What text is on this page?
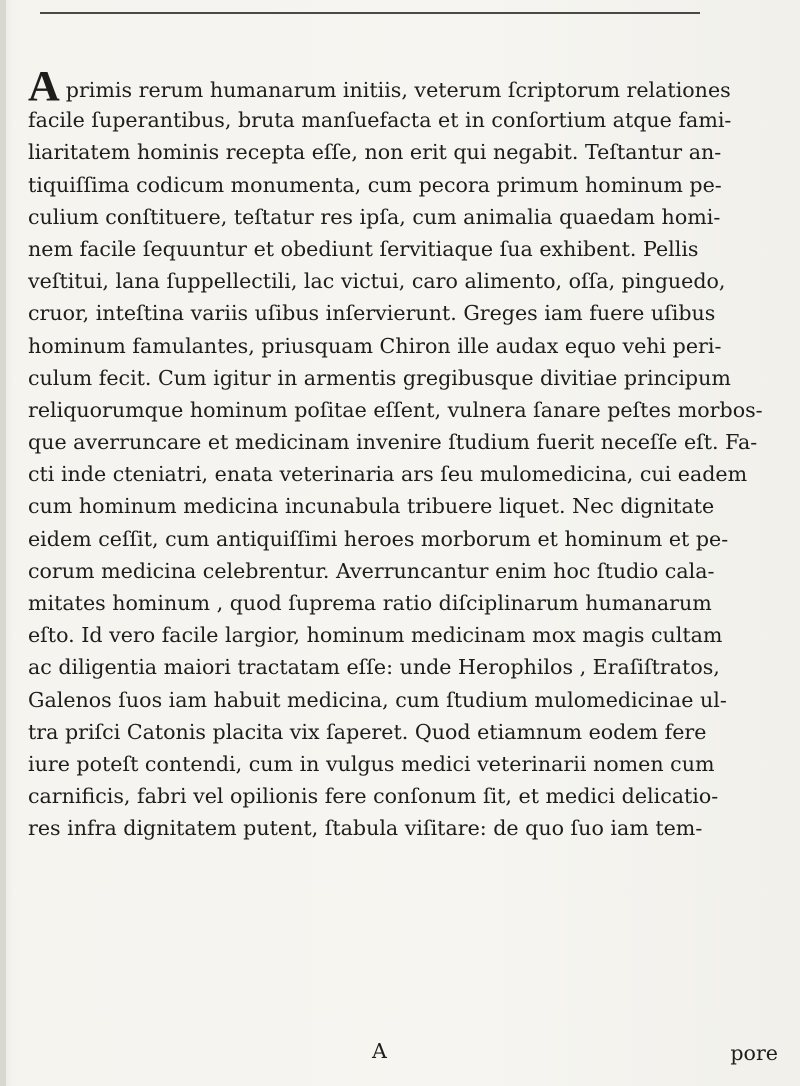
Aprimis rerum humanarum initiis, veterum ſcriptorum relationes
facile ſuperantibus, bruta manſuefacta et in conſortium atque fami-
liaritatem hominis recepta eſſe, non erit qui negabit. Teſtantur an-
tiquiſſima codicum monumenta, cum pecora primum hominum pe-
culium conſtituere, teſtatur res ipſa, cum animalia quaedam homi-
nem facile ſequuntur et obediunt ſervitiaque ſua exhibent. Pellis
veſtitui, lana ſuppellectili, lac victui, caro alimento, oſſa, pinguedo,
cruor, inteſtina variis uſibus inſervierunt. Greges iam fuere uſibus
hominum famulantes, priusquam Chiron ille audax equo vehi peri-
culum fecit. Cum igitur in armentis gregibusque divitiae principum
reliquorumque hominum poſitae eſſent, vulnera ſanare peſtes morbos-
que averruncare et medicinam invenire ſtudium fuerit neceſſe eſt. Fa-
cti inde cteniatri, enata veterinaria ars ſeu mulomedicina, cui eadem
cum hominum medicina incunabula tribuere liquet. Nec dignitate
eidem ceſſit, cum antiquiſſimi heroes morborum et hominum et pe-
corum medicina celebrentur. Averruncantur enim hoc ſtudio cala-
mitates hominum , quod ſuprema ratio diſciplinarum humanarum
eſto. Id vero facile largior, hominum medicinam mox magis cultam
ac diligentia maiori tractatam eſſe: unde Herophilos , Eraſiſtratos,
Galenos ſuos iam habuit medicina, cum ſtudium mulomedicinae ul-
tra priſci Catonis placita vix ſaperet. Quod etiamnum eodem fere
iure poteſt contendi, cum in vulgus medici veterinarii nomen cum
carnificis, fabri vel opilionis fere conſonum ſit, et medici delicatio-
res infra dignitatem putent, ſtabula viſitare: de quo ſuo iam tem-
A	pore
